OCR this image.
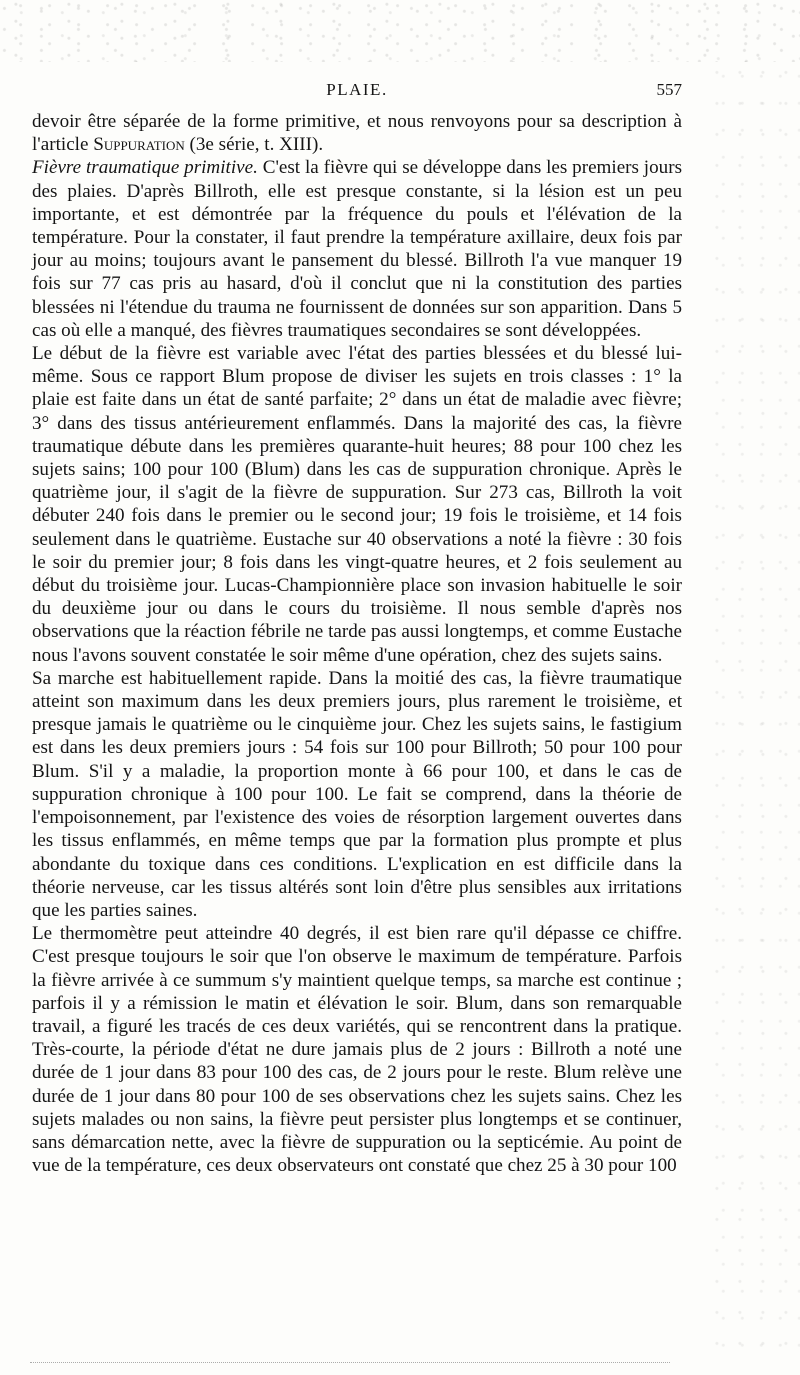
PLAIE.	557

devoir être séparée de la forme primitive, et nous renvoyons pour sa description à l'article Suppuration (3e série, t. XIII).

Fièvre traumatique primitive. C'est la fièvre qui se développe dans les premiers jours des plaies. D'après Billroth, elle est presque constante, si la lésion est un peu importante, et est démontrée par la fréquence du pouls et l'élévation de la température. Pour la constater, il faut prendre la température axillaire, deux fois par jour au moins; toujours avant le pansement du blessé. Billroth l'a vue manquer 19 fois sur 77 cas pris au hasard, d'où il conclut que ni la constitution des parties blessées ni l'étendue du trauma ne fournissent de données sur son apparition. Dans 5 cas où elle a manqué, des fièvres traumatiques secondaires se sont développées.

Le début de la fièvre est variable avec l'état des parties blessées et du blessé lui-même. Sous ce rapport Blum propose de diviser les sujets en trois classes : 1° la plaie est faite dans un état de santé parfaite; 2° dans un état de maladie avec fièvre; 3° dans des tissus antérieurement enflammés. Dans la majorité des cas, la fièvre traumatique débute dans les premières quarante-huit heures; 88 pour 100 chez les sujets sains; 100 pour 100 (Blum) dans les cas de suppuration chronique. Après le quatrième jour, il s'agit de la fièvre de suppuration. Sur 273 cas, Billroth la voit débuter 240 fois dans le premier ou le second jour; 19 fois le troisième, et 14 fois seulement dans le quatrième. Eustache sur 40 observations a noté la fièvre : 30 fois le soir du premier jour; 8 fois dans les vingt-quatre heures, et 2 fois seulement au début du troisième jour. Lucas-Championnière place son invasion habituelle le soir du deuxième jour ou dans le cours du troisième. Il nous semble d'après nos observations que la réaction fébrile ne tarde pas aussi longtemps, et comme Eustache nous l'avons souvent constatée le soir même d'une opération, chez des sujets sains.

Sa marche est habituellement rapide. Dans la moitié des cas, la fièvre traumatique atteint son maximum dans les deux premiers jours, plus rarement le troisième, et presque jamais le quatrième ou le cinquième jour. Chez les sujets sains, le fastigium est dans les deux premiers jours : 54 fois sur 100 pour Billroth; 50 pour 100 pour Blum. S'il y a maladie, la proportion monte à 66 pour 100, et dans le cas de suppuration chronique à 100 pour 100. Le fait se comprend, dans la théorie de l'empoisonnement, par l'existence des voies de résorption largement ouvertes dans les tissus enflammés, en même temps que par la formation plus prompte et plus abondante du toxique dans ces conditions. L'explication en est difficile dans la théorie nerveuse, car les tissus altérés sont loin d'être plus sensibles aux irritations que les parties saines.

Le thermomètre peut atteindre 40 degrés, il est bien rare qu'il dépasse ce chiffre. C'est presque toujours le soir que l'on observe le maximum de température. Parfois la fièvre arrivée à ce summum s'y maintient quelque temps, sa marche est continue ; parfois il y a rémission le matin et élévation le soir. Blum, dans son remarquable travail, a figuré les tracés de ces deux variétés, qui se rencontrent dans la pratique. Très-courte, la période d'état ne dure jamais plus de 2 jours : Billroth a noté une durée de 1 jour dans 83 pour 100 des cas, de 2 jours pour le reste. Blum relève une durée de 1 jour dans 80 pour 100 de ses observations chez les sujets sains. Chez les sujets malades ou non sains, la fièvre peut persister plus longtemps et se continuer, sans démarcation nette, avec la fièvre de suppuration ou la septicémie. Au point de vue de la température, ces deux observateurs ont constaté que chez 25 à 30 pour 100
